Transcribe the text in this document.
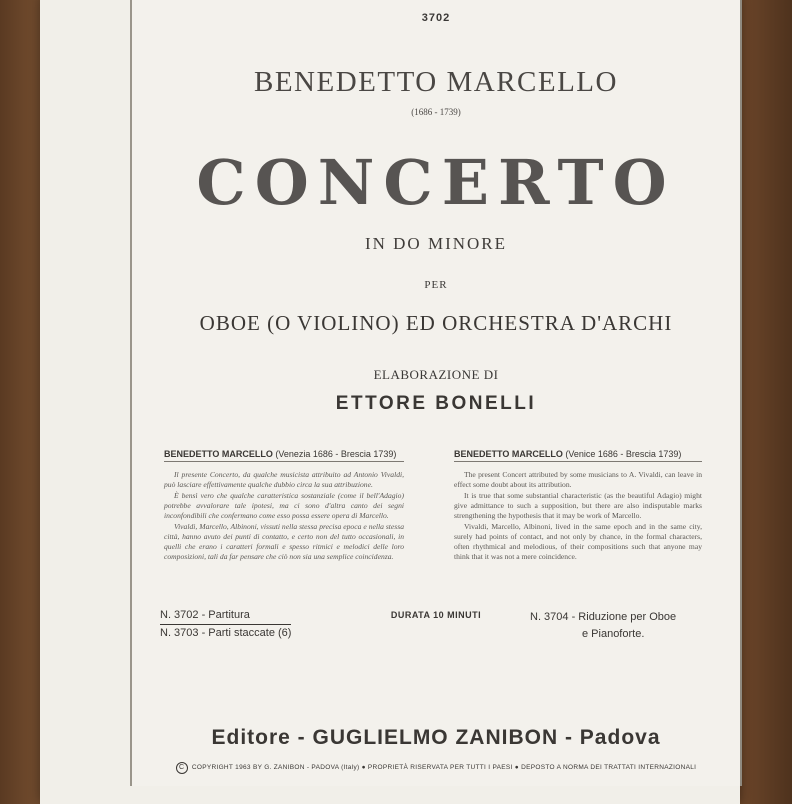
3702
BENEDETTO MARCELLO
(1686 - 1739)
CONCERTO
IN DO MINORE
PER
OBOE (O VIOLINO) ED ORCHESTRA D'ARCHI
ELABORAZIONE DI
ETTORE BONELLI
BENEDETTO MARCELLO (Venezia 1686 - Brescia 1739)

Il presente Concerto, da qualche musicista attribuito ad Antonio Vivaldi, può lasciare effettivamente qualche dubbio circa la sua attribuzione.

È bensì vero che qualche caratteristica sostanziale (come il bell'Adagio) potrebbe avvalorare tale ipotesi, ma ci sono d'altra canto dei segni inconfondibili che confermano come esso possa essere opera di Marcello.

Vivaldi, Marcello, Albinoni, vissuti nella stessa precisa epoca e nella stessa città, hanno avuto dei punti di contatto, e certo non del tutto occasionali, in quelli che erano i caratteri formali e spesso ritmici e melodici delle loro composizioni, tali da far pensare che ciò non sia una semplice coincidenza.

BENEDETTO MARCELLO (Venice 1686 - Brescia 1739)

The present Concert attributed by some musicians to A. Vivaldi, can leave in effect some doubt about its attribution.

It is true that some substantial characteristic (as the beautiful Adagio) might give admittance to such a supposition, but there are also indisputable marks strengthening the hypothesis that it may be work of Marcello.

Vivaldi, Marcello, Albinoni, lived in the same epoch and in the same city, surely had points of contact, and not only by chance, in the formal characters, often rhythmical and melodious, of their compositions such that anyone may think that it was not a mere coincidence.

N. 3702 - Partitura
N. 3703 - Parti staccate (6)
DURATA 10 MINUTI	N. 3704 - Riduzione per Oboe
e Pianoforte.
Editore - GUGLIELMO ZANIBON - Padova
C COPYRIGHT 1963 BY G. ZANIBON - PADOVA (Italy) ● PROPRIETÀ RISERVATA PER TUTTI I PAESI ● DEPOSTO A NORMA DEI TRATTATI INTERNAZIONALI
